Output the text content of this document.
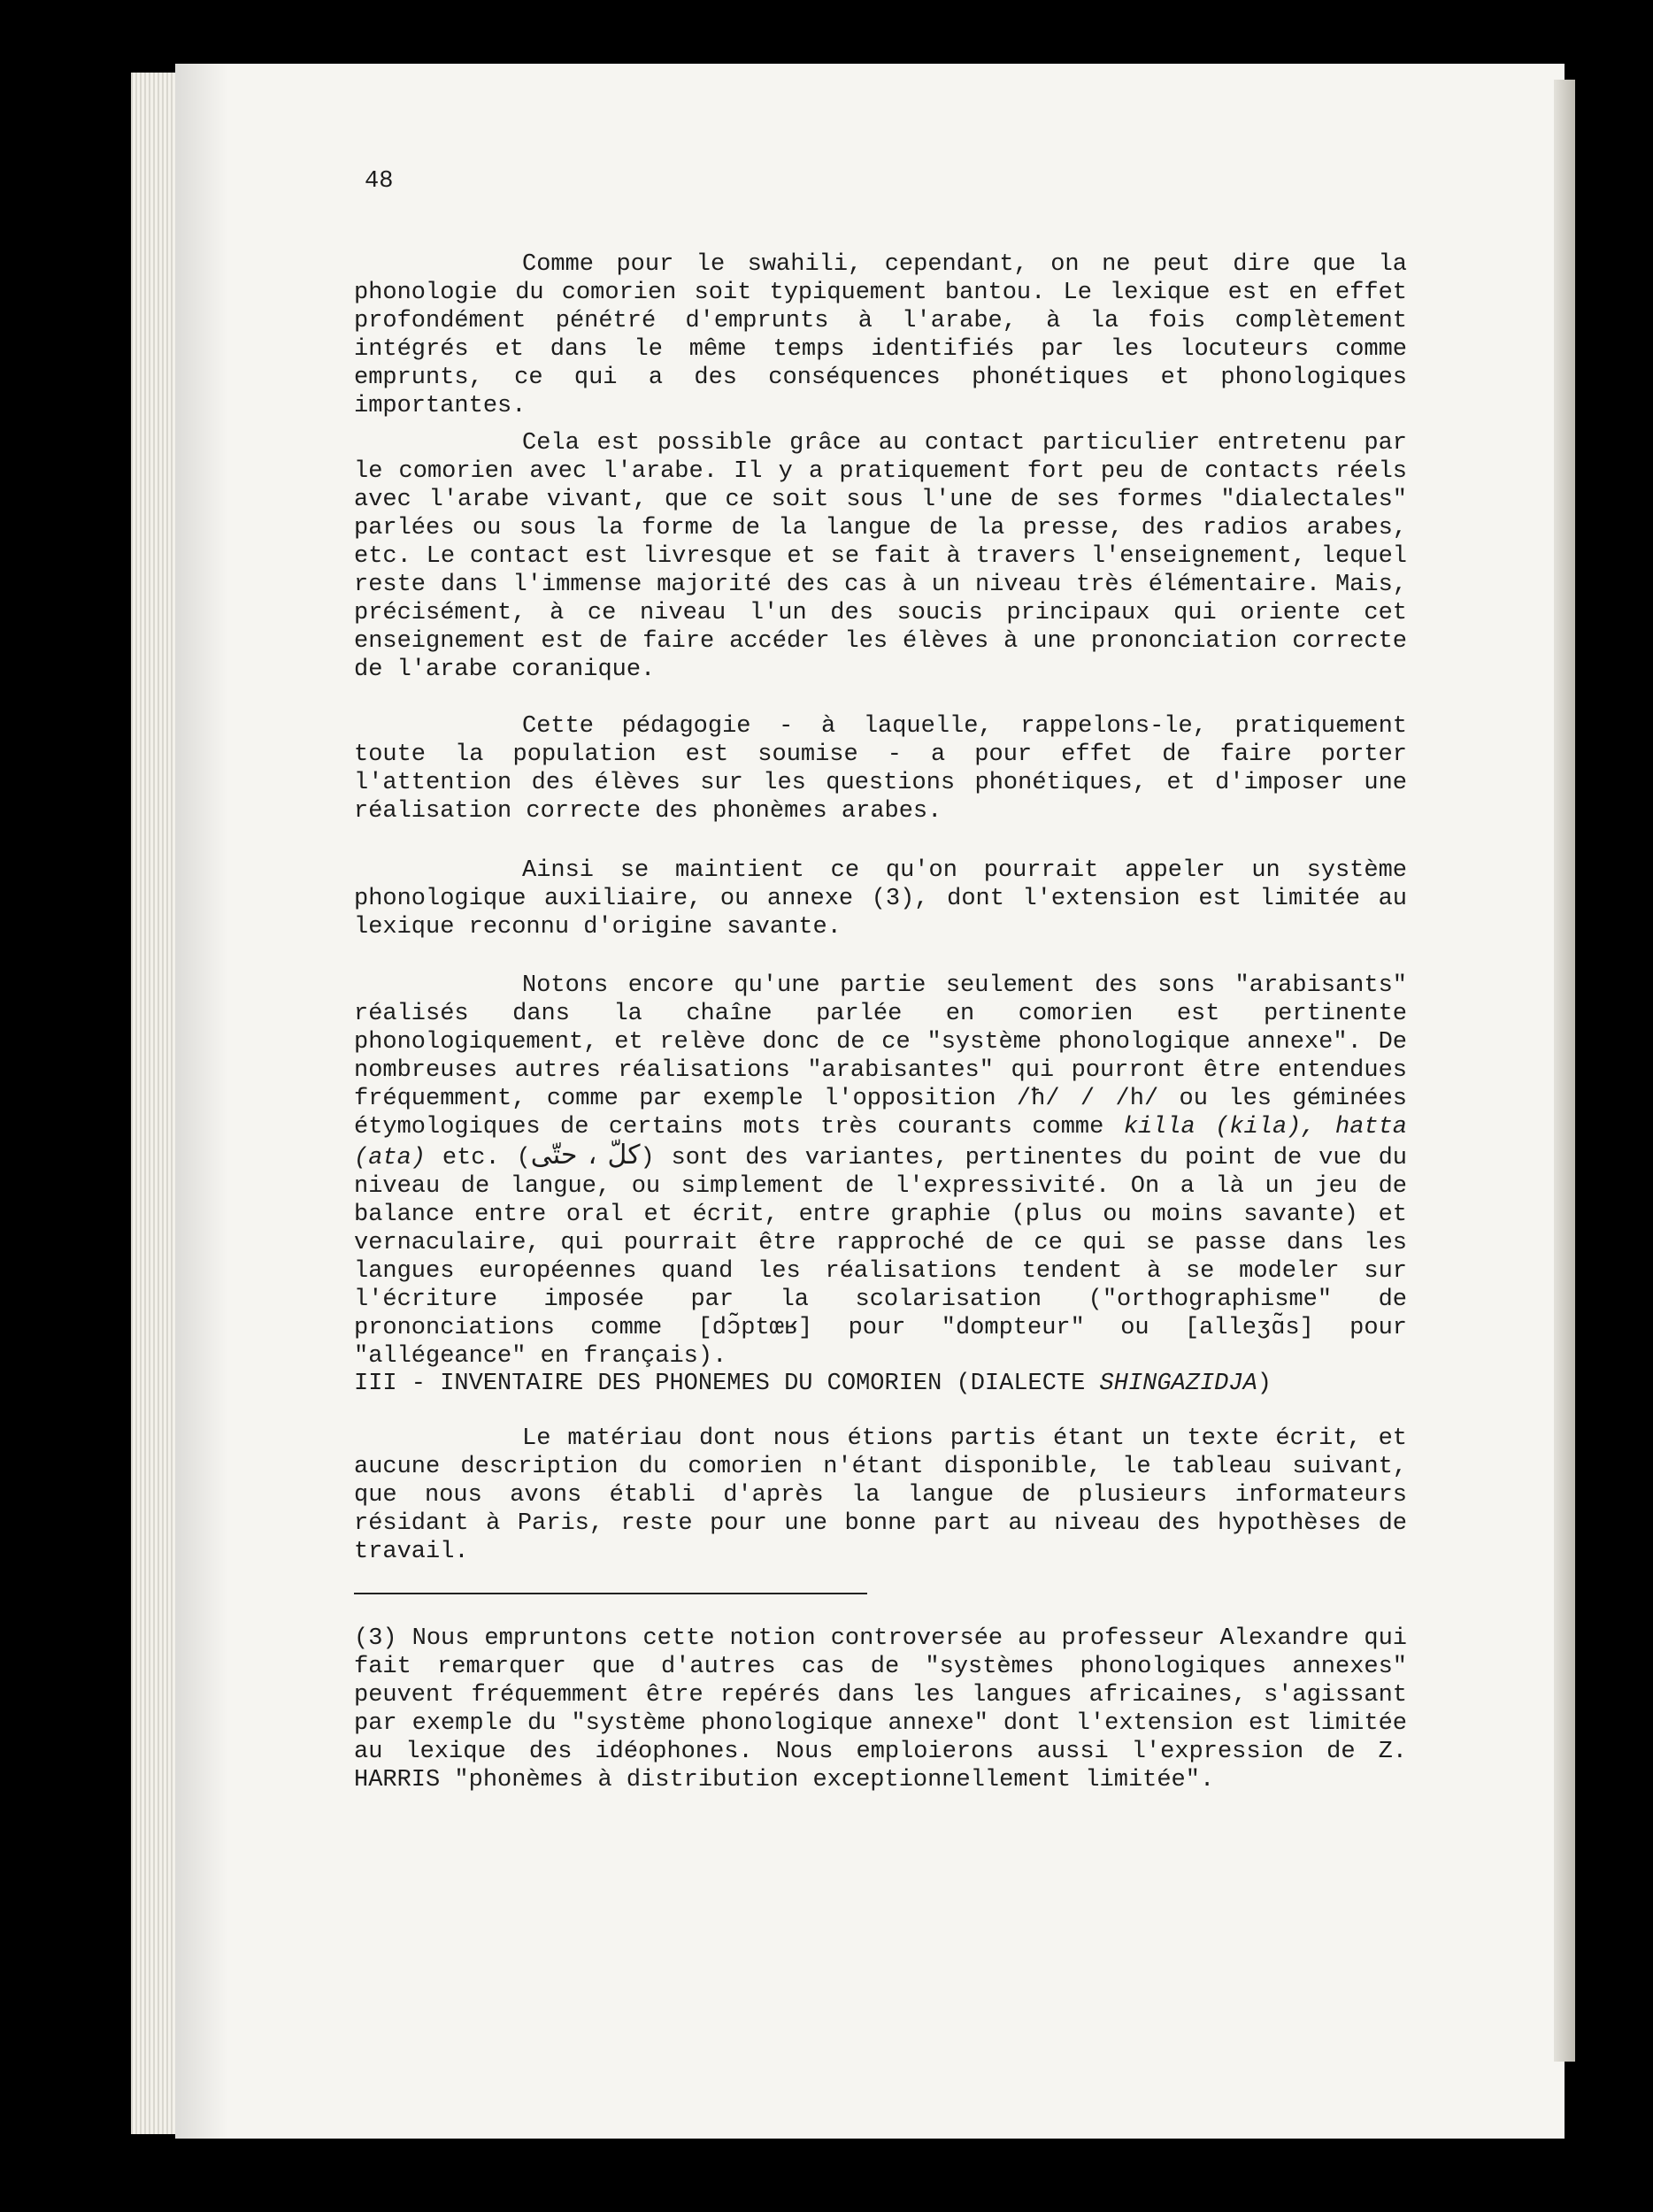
48

Comme pour le swahili, cependant, on ne peut dire que la phonologie du comorien soit typiquement bantou. Le lexique est en effet profondément pénétré d'emprunts à l'arabe, à la fois complètement intégrés et dans le même temps identifiés par les locuteurs comme emprunts, ce qui a des conséquences phonétiques et phonologiques importantes.

Cela est possible grâce au contact particulier entretenu par le comorien avec l'arabe. Il y a pratiquement fort peu de contacts réels avec l'arabe vivant, que ce soit sous l'une de ses formes "dialectales" parlées ou sous la forme de la langue de la presse, des radios arabes, etc. Le contact est livresque et se fait à travers l'enseignement, lequel reste dans l'immense majorité des cas à un niveau très élémentaire. Mais, précisément, à ce niveau l'un des soucis principaux qui oriente cet enseignement est de faire accéder les élèves à une prononciation correcte de l'arabe coranique.

Cette pédagogie - à laquelle, rappelons-le, pratiquement toute la population est soumise - a pour effet de faire porter l'attention des élèves sur les questions phonétiques, et d'imposer une réalisation correcte des phonèmes arabes.

Ainsi se maintient ce qu'on pourrait appeler un système phonologique auxiliaire, ou annexe (3), dont l'extension est limitée au lexique reconnu d'origine savante.

Notons encore qu'une partie seulement des sons "arabisants" réalisés dans la chaîne parlée en comorien est pertinente phonologiquement, et relève donc de ce "système phonologique annexe". De nombreuses autres réalisations "arabisantes" qui pourront être entendues fréquemment, comme par exemple l'opposition /ħ/ / /h/ ou les géminées étymologiques de certains mots très courants comme killa (kila), hatta (ata) etc. (كلّ ، حتّى) sont des variantes, pertinentes du point de vue du niveau de langue, ou simplement de l'expressivité. On a là un jeu de balance entre oral et écrit, entre graphie (plus ou moins savante) et vernaculaire, qui pourrait être rapproché de ce qui se passe dans les langues européennes quand les réalisations tendent à se modeler sur l'écriture imposée par la scolarisation ("orthographisme" de prononciations comme [dɔ̃ptœʁ] pour "dompteur" ou [alleʒɑ̃s] pour "allégeance" en français).

III - INVENTAIRE DES PHONEMES DU COMORIEN (DIALECTE SHINGAZIDJA)

Le matériau dont nous étions partis étant un texte écrit, et aucune description du comorien n'étant disponible, le tableau suivant, que nous avons établi d'après la langue de plusieurs informateurs résidant à Paris, reste pour une bonne part au niveau des hypothèses de travail.

(3) Nous empruntons cette notion controversée au professeur Alexandre qui fait remarquer que d'autres cas de "systèmes phonologiques annexes" peuvent fréquemment être repérés dans les langues africaines, s'agissant par exemple du "système phonologique annexe" dont l'extension est limitée au lexique des idéophones. Nous emploierons aussi l'expression de Z. HARRIS "phonèmes à distribution exceptionnellement limitée".
